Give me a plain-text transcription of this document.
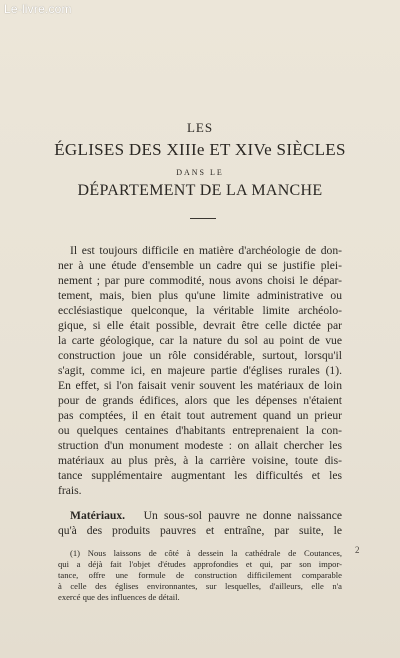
Le-livre.com
LES
ÉGLISES DES XIIIe ET XIVe SIÈCLES
DANS LE
DÉPARTEMENT DE LA MANCHE
Il est toujours difficile en matière d'archéologie de don-
ner à une étude d'ensemble un cadre qui se justifie plei-
nement ; par pure commodité, nous avons choisi le dépar-
tement, mais, bien plus qu'une limite administrative ou
ecclésiastique quelconque, la véritable limite archéolo-
gique, si elle était possible, devrait être celle dictée par
la carte géologique, car la nature du sol au point de vue
construction joue un rôle considérable, surtout, lorsqu'il
s'agit, comme ici, en majeure partie d'églises rurales (1).
En effet, si l'on faisait venir souvent les matériaux de loin
pour de grands édifices, alors que les dépenses n'étaient
pas comptées, il en était tout autrement quand un prieur
ou quelques centaines d'habitants entreprenaient la con-
struction d'un monument modeste : on allait chercher les
matériaux au plus près, à la carrière voisine, toute dis-
tance supplémentaire augmentant les difficultés et les
frais.
Matériaux. Un sous-sol pauvre ne donne naissance
qu'à des produits pauvres et entraîne, par suite, le
(1) Nous laissons de côté à dessein la cathédrale de Coutances,
qui a déjà fait l'objet d'études approfondies et qui, par son impor-
tance, offre une formule de construction difficilement comparable
à celle des églises environnantes, sur lesquelles, d'ailleurs, elle n'a
exercé que des influences de détail.
2
